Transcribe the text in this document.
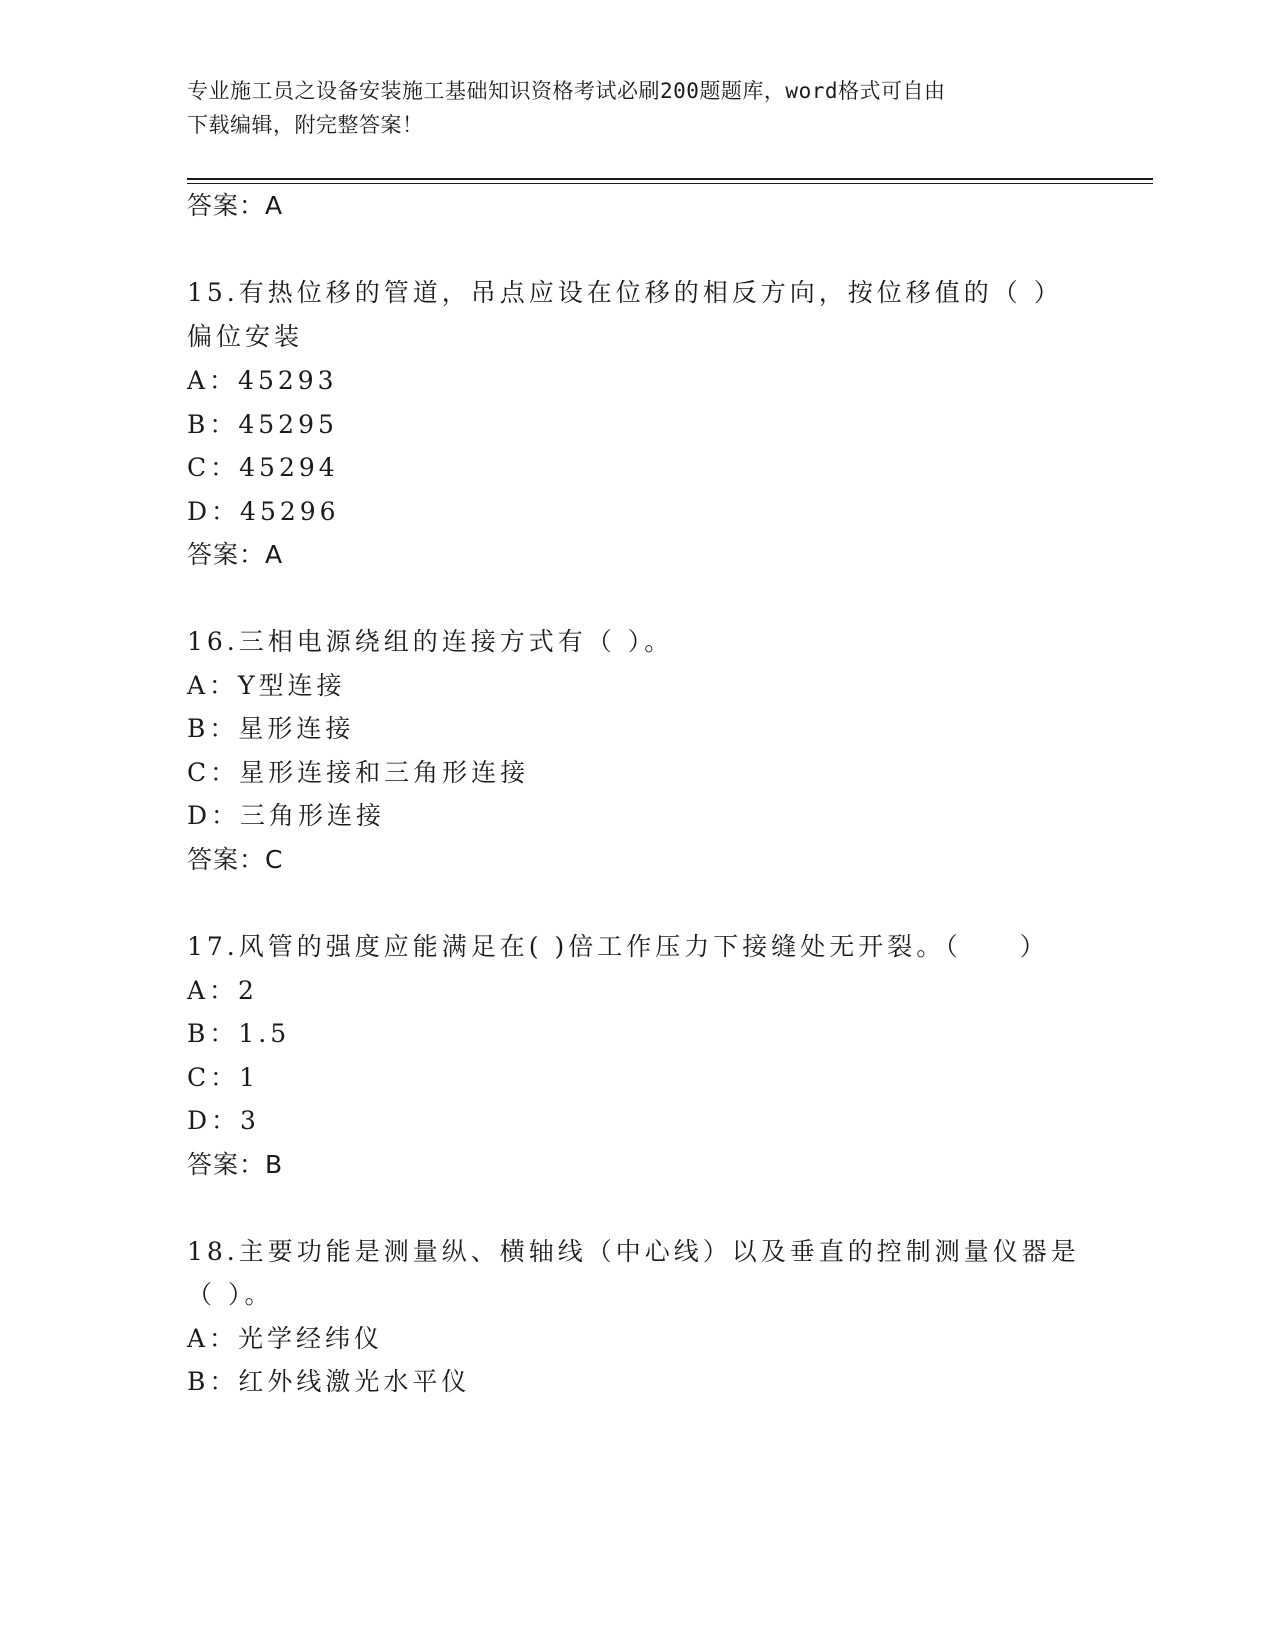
专业施工员之设备安装施工基础知识资格考试必刷200题题库，word格式可自由
下载编辑，附完整答案！
答案：A
15.有热位移的管道，吊点应设在位移的相反方向，按位移值的（ ）
偏位安装
A：45293
B：45295
C：45294
D：45296
答案：A
16.三相电源绕组的连接方式有（ ）。
A：Y型连接
B：星形连接
C：星形连接和三角形连接
D：三角形连接
答案：C
17.风管的强度应能满足在( )倍工作压力下接缝处无开裂。（　　）
A：2
B：1.5
C：1
D：3
答案：B
18.主要功能是测量纵、横轴线（中心线）以及垂直的控制测量仪器是
（ ）。
A：光学经纬仪
B：红外线激光水平仪
